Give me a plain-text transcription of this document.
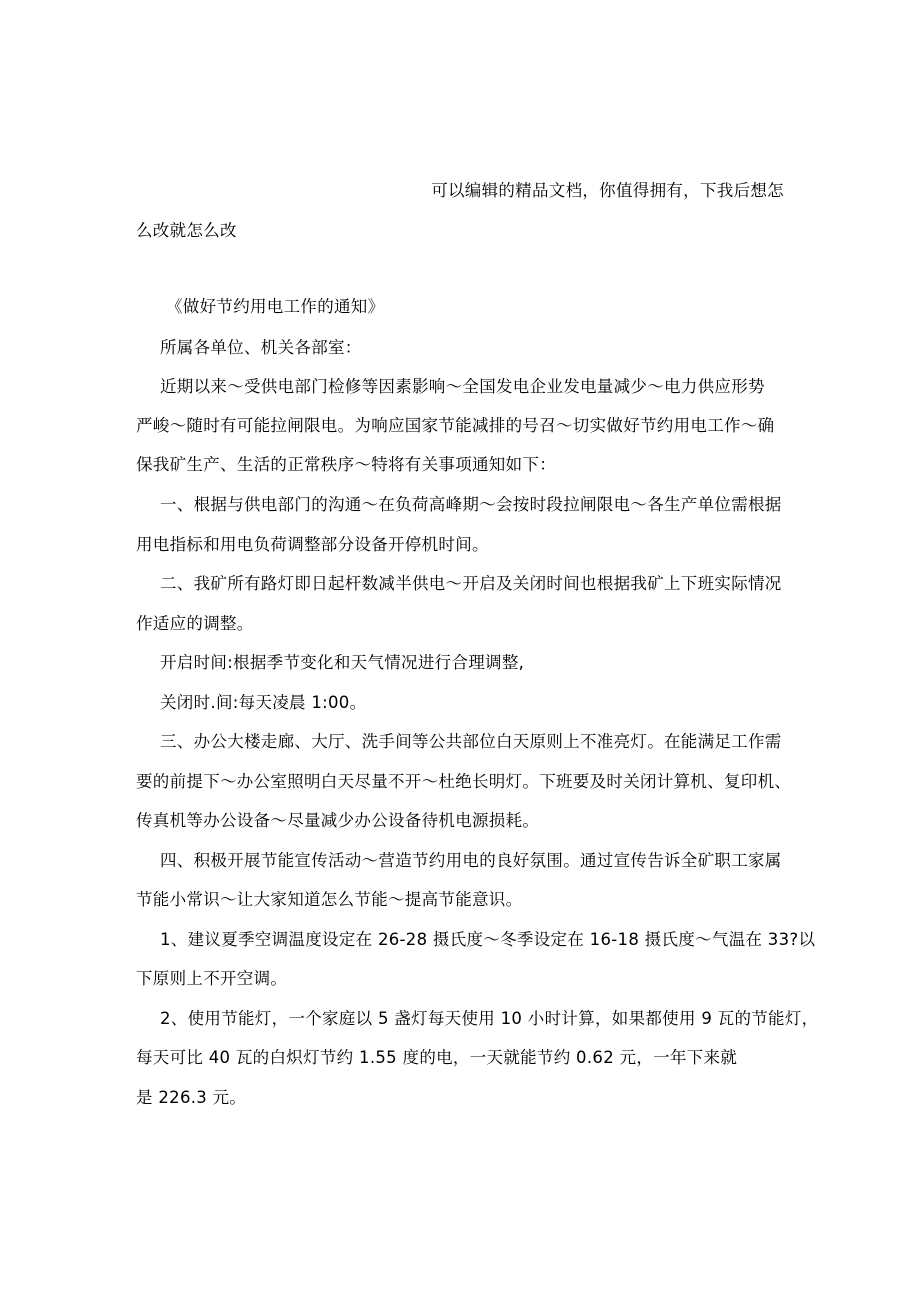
可以编辑的精品文档，你值得拥有，下我后想怎
么改就怎么改
《做好节约用电工作的通知》
所属各单位、机关各部室：
近期以来～受供电部门检修等因素影响～全国发电企业发电量减少～电力供应形势
严峻～随时有可能拉闸限电。为响应国家节能减排的号召～切实做好节约用电工作～确
保我矿生产、生活的正常秩序～特将有关事项通知如下：
一、根据与供电部门的沟通～在负荷高峰期～会按时段拉闸限电～各生产单位需根据
用电指标和用电负荷调整部分设备开停机时间。
二、我矿所有路灯即日起杆数减半供电～开启及关闭时间也根据我矿上下班实际情况
作适应的调整。
开启时间:根据季节变化和天气情况进行合理调整,
关闭时.间:每天凌晨 1:00。
三、办公大楼走廊、大厅、洗手间等公共部位白天原则上不准亮灯。在能满足工作需
要的前提下～办公室照明白天尽量不开～杜绝长明灯。下班要及时关闭计算机、复印机、
传真机等办公设备～尽量减少办公设备待机电源损耗。
四、积极开展节能宣传活动～营造节约用电的良好氛围。通过宣传告诉全矿职工家属
节能小常识～让大家知道怎么节能～提高节能意识。
1、建议夏季空调温度设定在 26-28 摄氏度～冬季设定在 16-18 摄氏度～气温在 33?以
下原则上不开空调。
2、使用节能灯，一个家庭以 5 盏灯每天使用 10 小时计算，如果都使用 9 瓦的节能灯，
每天可比 40 瓦的白炽灯节约 1.55 度的电，一天就能节约 0.62 元，一年下来就
是 226.3 元。
